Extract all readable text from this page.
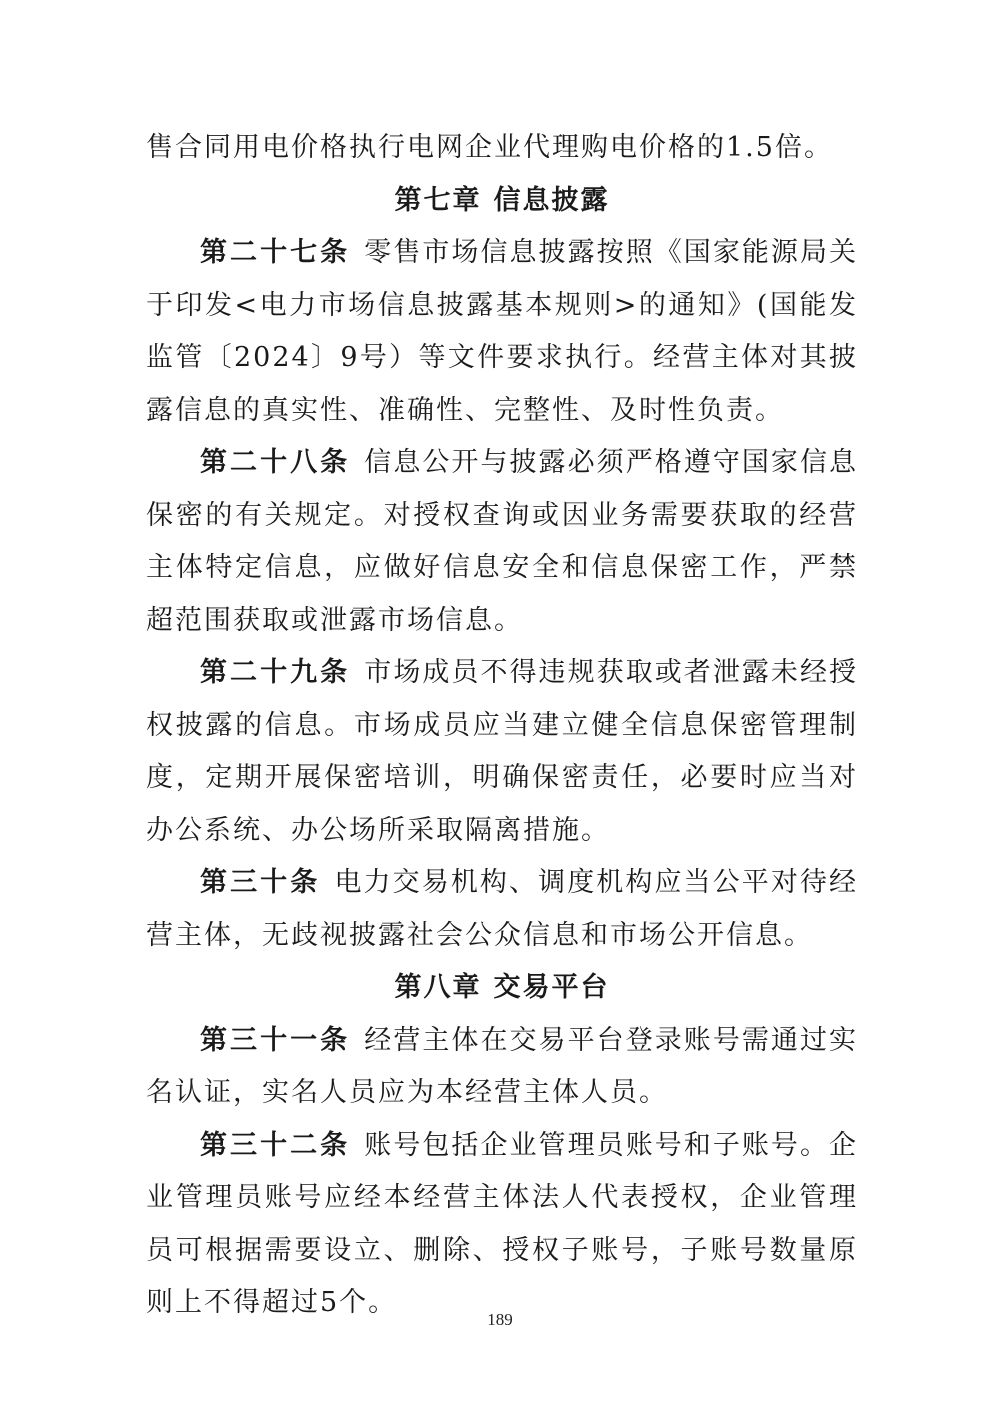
售合同用电价格执行电网企业代理购电价格的1.5倍。

第七章 信息披露

第二十七条 零售市场信息披露按照《国家能源局关于印发<电力市场信息披露基本规则>的通知》(国能发监管〔2024〕9号）等文件要求执行。经营主体对其披露信息的真实性、准确性、完整性、及时性负责。

第二十八条 信息公开与披露必须严格遵守国家信息保密的有关规定。对授权查询或因业务需要获取的经营主体特定信息，应做好信息安全和信息保密工作，严禁超范围获取或泄露市场信息。

第二十九条 市场成员不得违规获取或者泄露未经授权披露的信息。市场成员应当建立健全信息保密管理制度，定期开展保密培训，明确保密责任，必要时应当对办公系统、办公场所采取隔离措施。

第三十条 电力交易机构、调度机构应当公平对待经营主体，无歧视披露社会公众信息和市场公开信息。

第八章 交易平台

第三十一条 经营主体在交易平台登录账号需通过实名认证，实名人员应为本经营主体人员。

第三十二条 账号包括企业管理员账号和子账号。企业管理员账号应经本经营主体法人代表授权，企业管理员可根据需要设立、删除、授权子账号，子账号数量原则上不得超过5个。

189
